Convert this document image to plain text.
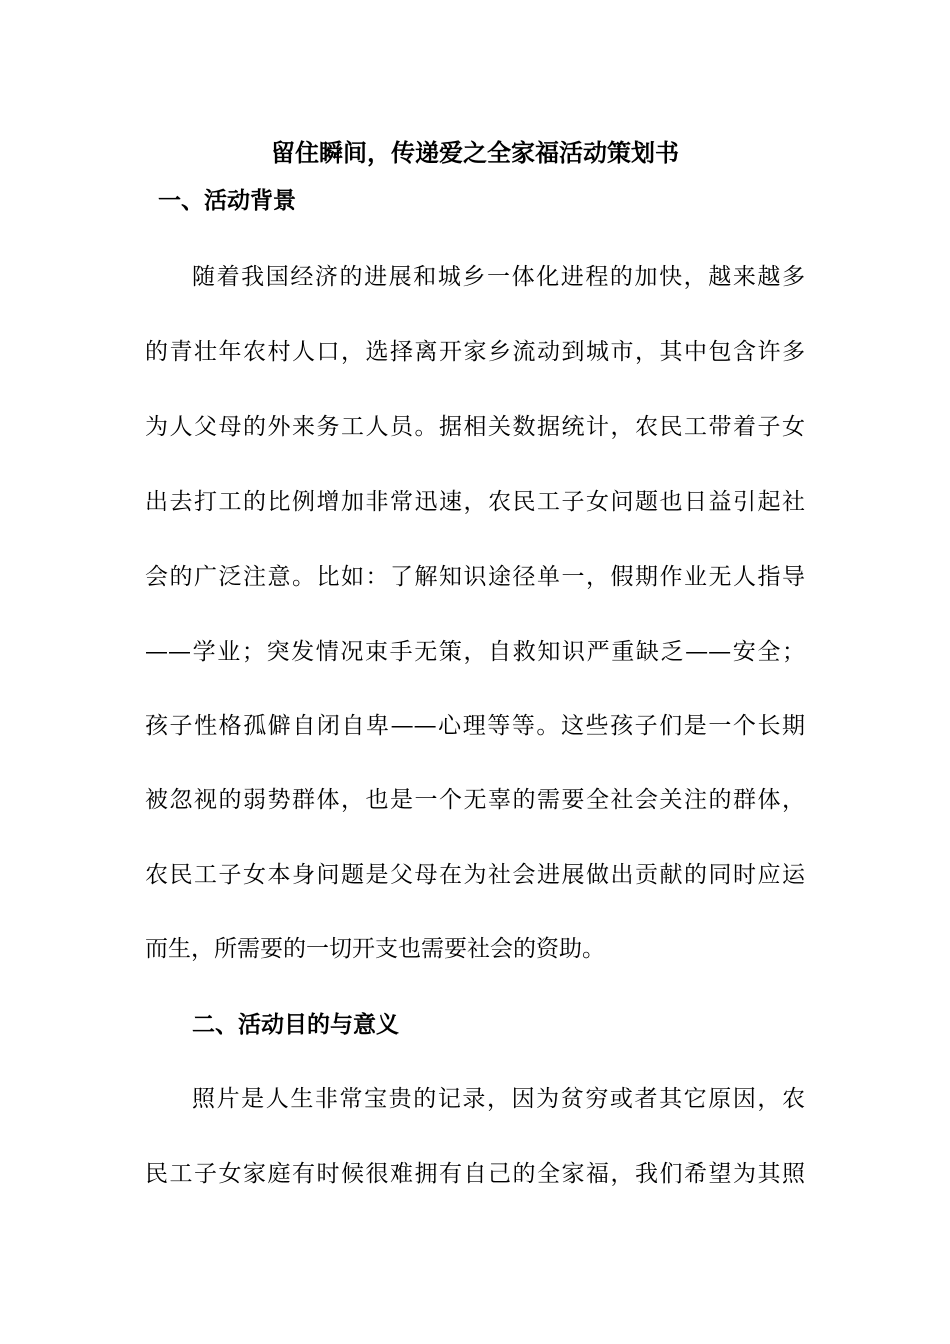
留住瞬间，传递爱之全家福活动策划书
一、活动背景

随着我国经济的进展和城乡一体化进程的加快，越来越多

的青壮年农村人口，选择离开家乡流动到城市，其中包含许多

为人父母的外来务工人员。据相关数据统计，农民工带着子女

出去打工的比例增加非常迅速，农民工子女问题也日益引起社

会的广泛注意。比如：了解知识途径单一，假期作业无人指导

——学业；突发情况束手无策，自救知识严重缺乏——安全；

孩子性格孤僻自闭自卑——心理等等。这些孩子们是一个长期

被忽视的弱势群体，也是一个无辜的需要全社会关注的群体，

农民工子女本身问题是父母在为社会进展做出贡献的同时应运

而生，所需要的一切开支也需要社会的资助。

二、活动目的与意义

照片是人生非常宝贵的记录，因为贫穷或者其它原因，农

民工子女家庭有时候很难拥有自己的全家福，我们希望为其照
